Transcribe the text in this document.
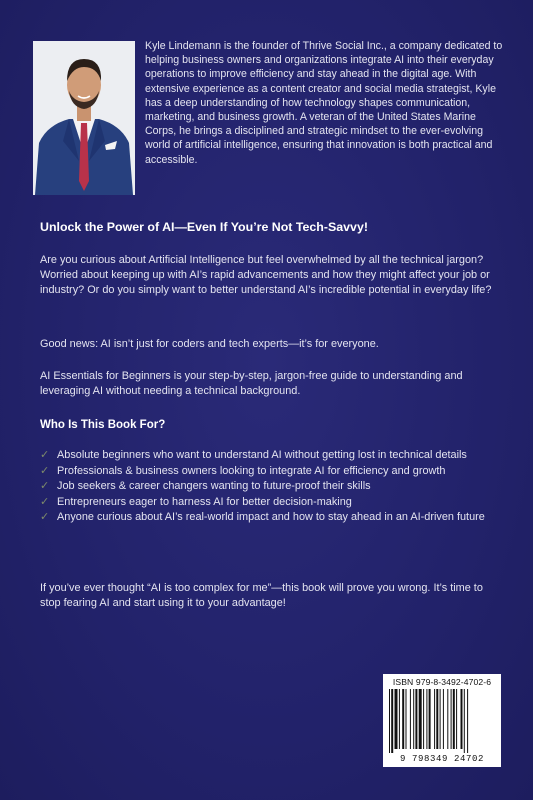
Kyle Lindemann is the founder of Thrive Social Inc., a company dedicated to helping business owners and organizations integrate AI into their everyday operations to improve efficiency and stay ahead in the digital age. With extensive experience as a content creator and social media strategist, Kyle has a deep understanding of how technology shapes communication, marketing, and business growth. A veteran of the United States Marine Corps, he brings a disciplined and strategic mindset to the ever-evolving world of artificial intelligence, ensuring that innovation is both practical and accessible.

Unlock the Power of AI—Even If You’re Not Tech-Savvy!

Are you curious about Artificial Intelligence but feel overwhelmed by all the technical jargon? Worried about keeping up with AI’s rapid advancements and how they might affect your job or industry? Or do you simply want to better understand AI’s incredible potential in everyday life?

Good news: AI isn’t just for coders and tech experts—it’s for everyone.

AI Essentials for Beginners is your step-by-step, jargon-free guide to understanding and leveraging AI without needing a technical background.

Who Is This Book For?
✓ Absolute beginners who want to understand AI without getting lost in technical details
✓ Professionals & business owners looking to integrate AI for efficiency and growth
✓ Job seekers & career changers wanting to future-proof their skills
✓ Entrepreneurs eager to harness AI for better decision-making
✓ Anyone curious about AI’s real-world impact and how to stay ahead in an AI-driven future

If you’ve ever thought “AI is too complex for me”—this book will prove you wrong. It’s time to stop fearing AI and start using it to your advantage!

ISBN 979-8-3492-4702-6

9 798349 24702
